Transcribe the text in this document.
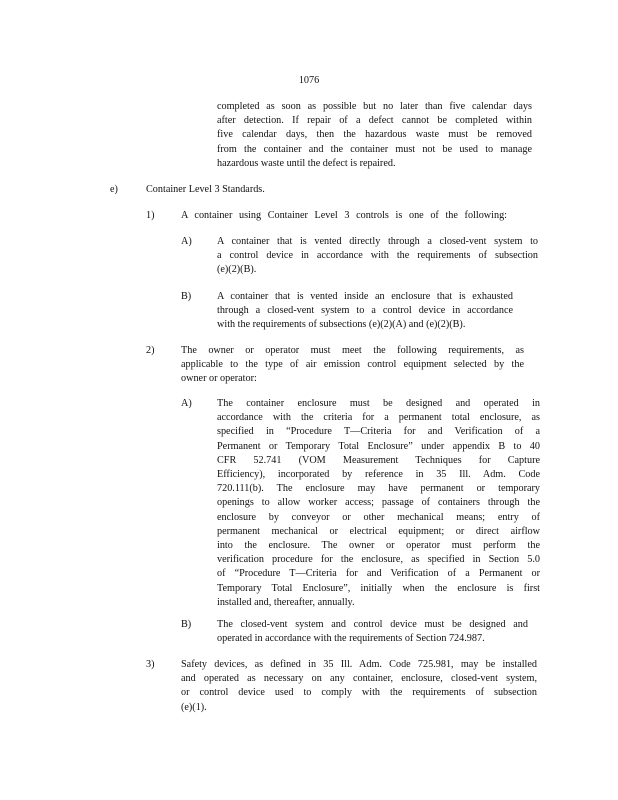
1076
completed as soon as possible but no later than five calendar days
after detection. If repair of a defect cannot be completed within
five calendar days, then the hazardous waste must be removed
from the container and the container must not be used to manage
hazardous waste until the defect is repaired.
e)	Container Level 3 Standards.
1)	A container using Container Level 3 controls is one of the following:
A) A container that is vented directly through a closed-vent system to
a control device in accordance with the requirements of subsection
(e)(2)(B).
B)	A container that is vented inside an enclosure that is exhausted
through a closed-vent system to a control device in accordance
with the requirements of subsections (e)(2)(A) and (e)(2)(B).
2)	The owner or operator must meet the following requirements, as
applicable to the type of air emission control equipment selected by the
owner or operator:
A) The container enclosure must be designed and operated in
accordance with the criteria for a permanent total enclosure, as
specified in “Procedure T—Criteria for and Verification of a
Permanent or Temporary Total Enclosure” under appendix B to 40
CFR 52.741 (VOM Measurement Techniques for Capture
Efficiency), incorporated by reference in 35 Ill. Adm. Code
720.111(b). The enclosure may have permanent or temporary
openings to allow worker access; passage of containers through the
enclosure by conveyor or other mechanical means; entry of
permanent mechanical or electrical equipment; or direct airflow
into the enclosure. The owner or operator must perform the
verification procedure for the enclosure, as specified in Section 5.0
of “Procedure T—Criteria for and Verification of a Permanent or
Temporary Total Enclosure”, initially when the enclosure is first
installed and, thereafter, annually.
B)	The closed-vent system and control device must be designed and
operated in accordance with the requirements of Section 724.987.
3)	Safety devices, as defined in 35 Ill. Adm. Code 725.981, may be installed
and operated as necessary on any container, enclosure, closed-vent system,
or control device used to comply with the requirements of subsection
(e)(1).
